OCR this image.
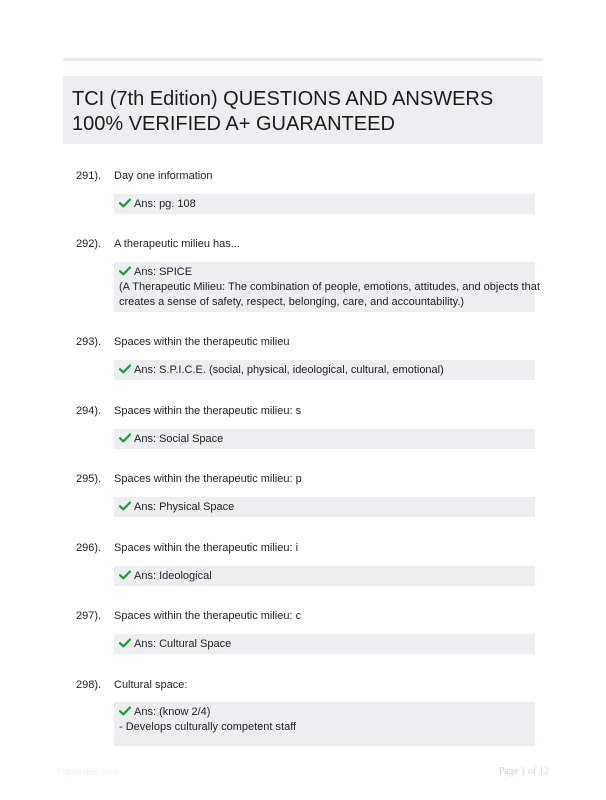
TCI (7th Edition) QUESTIONS AND ANSWERS
100% VERIFIED A+ GUARANTEED
291). Day one information
Ans: pg. 108
292). A therapeutic milieu has...
Ans: SPICE
(A Therapeutic Milieu: The combination of people, emotions, attitudes, and objects that
creates a sense of safety, respect, belonging, care, and accountability.)
293). Spaces within the therapeutic milieu
Ans: S.P.I.C.E. (social, physical, ideological, cultural, emotional)
294). Spaces within the therapeutic milieu: s
Ans: Social Space
295). Spaces within the therapeutic milieu: p
Ans: Physical Space
296). Spaces within the therapeutic milieu: i
Ans: Ideological
297). Spaces within the therapeutic milieu: c
Ans: Cultural Space
298). Cultural space:
Ans: (know 2/4)
- Develops culturally competent staff
Papersbic.com	Page 1 of 12
